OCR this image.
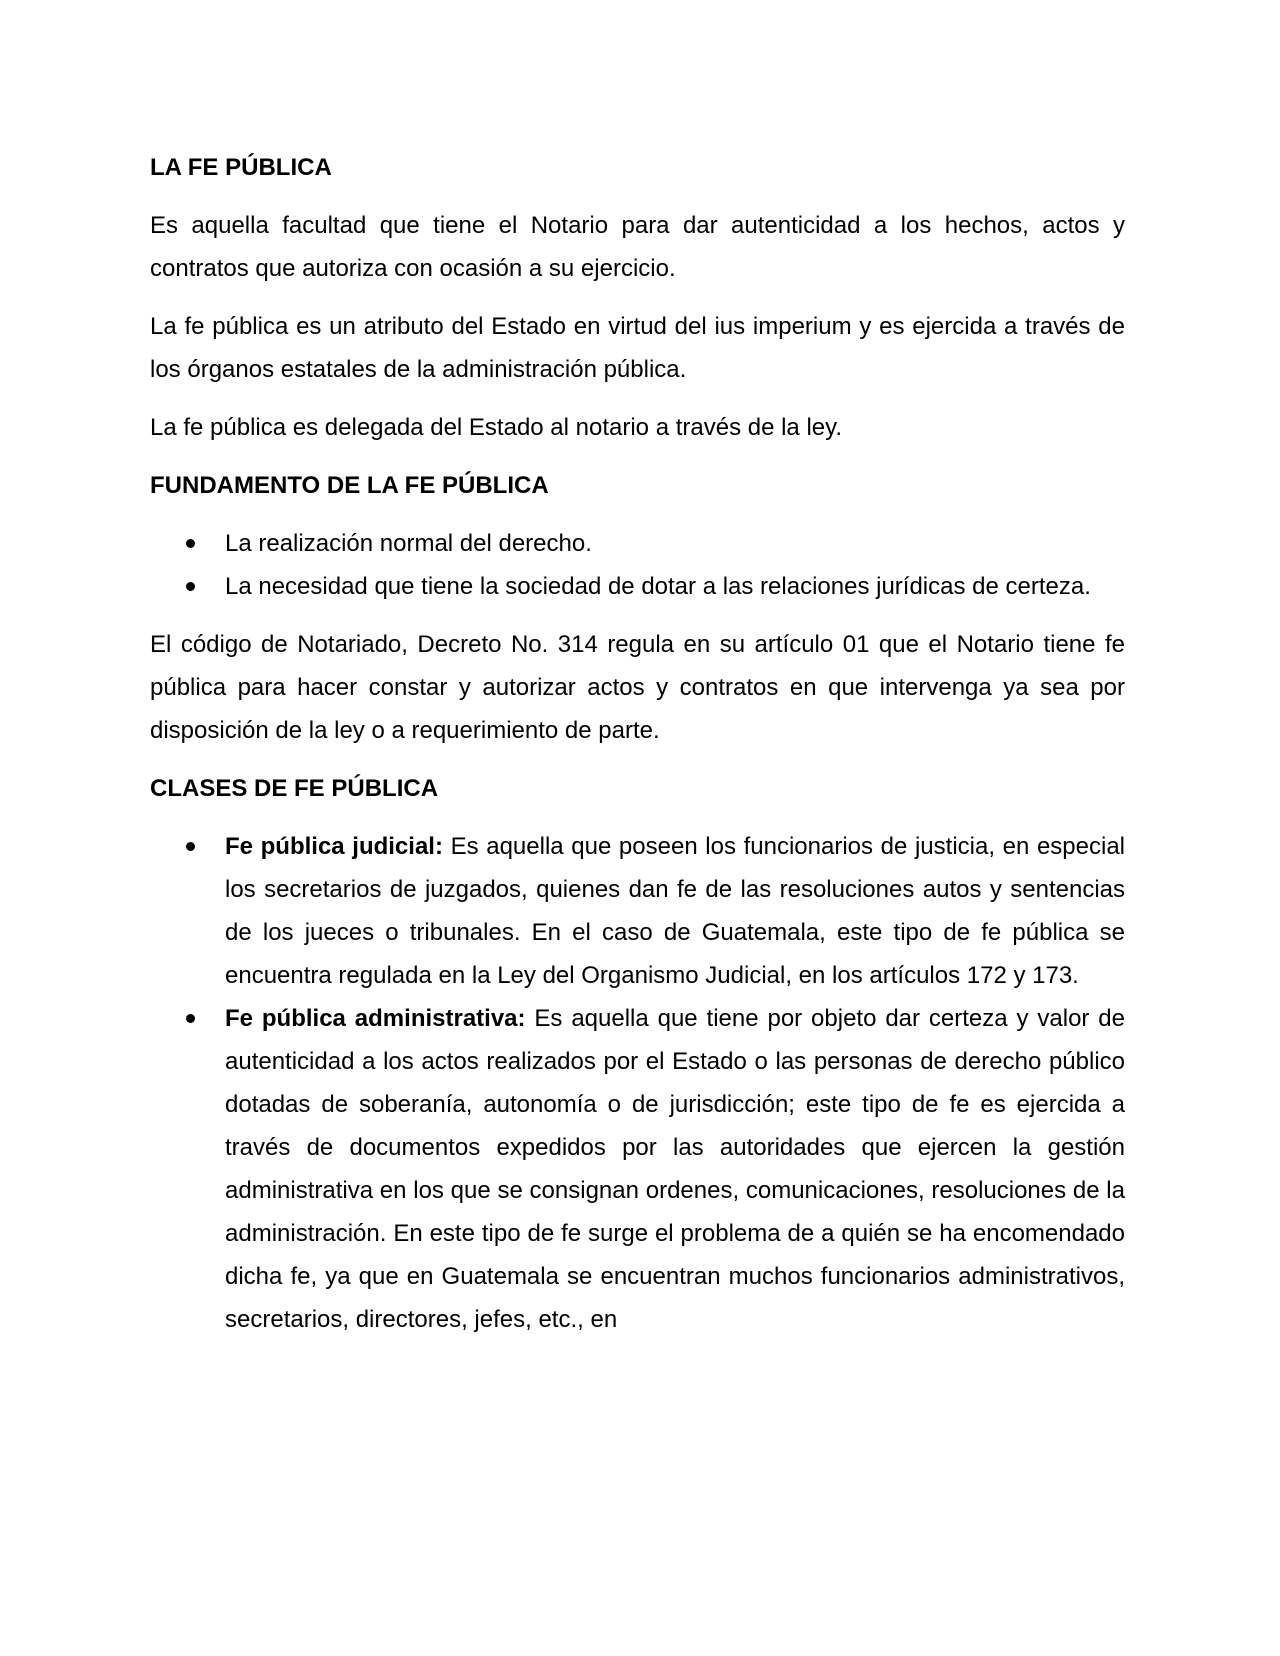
LA FE PÚBLICA
Es aquella facultad que tiene el Notario para dar autenticidad a los hechos, actos y contratos que autoriza con ocasión a su ejercicio.
La fe pública es un atributo del Estado en virtud del ius imperium y es ejercida a través de los órganos estatales de la administración pública.
La fe pública es delegada del Estado al notario a través de la ley.
FUNDAMENTO DE LA FE PÚBLICA
La realización normal del derecho.
La necesidad que tiene la sociedad de dotar a las relaciones jurídicas de certeza.
El código de Notariado, Decreto No. 314 regula en su artículo 01 que el Notario tiene fe pública para hacer constar y autorizar actos y contratos en que intervenga ya sea por disposición de la ley o a requerimiento de parte.
CLASES DE FE PÚBLICA
Fe pública judicial: Es aquella que poseen los funcionarios de justicia, en especial los secretarios de juzgados, quienes dan fe de las resoluciones autos y sentencias de los jueces o tribunales. En el caso de Guatemala, este tipo de fe pública se encuentra regulada en la Ley del Organismo Judicial, en los artículos 172 y 173.
Fe pública administrativa: Es aquella que tiene por objeto dar certeza y valor de autenticidad a los actos realizados por el Estado o las personas de derecho público dotadas de soberanía, autonomía o de jurisdicción; este tipo de fe es ejercida a través de documentos expedidos por las autoridades que ejercen la gestión administrativa en los que se consignan ordenes, comunicaciones, resoluciones de la administración. En este tipo de fe surge el problema de a quién se ha encomendado dicha fe, ya que en Guatemala se encuentran muchos funcionarios administrativos, secretarios, directores, jefes, etc., en
